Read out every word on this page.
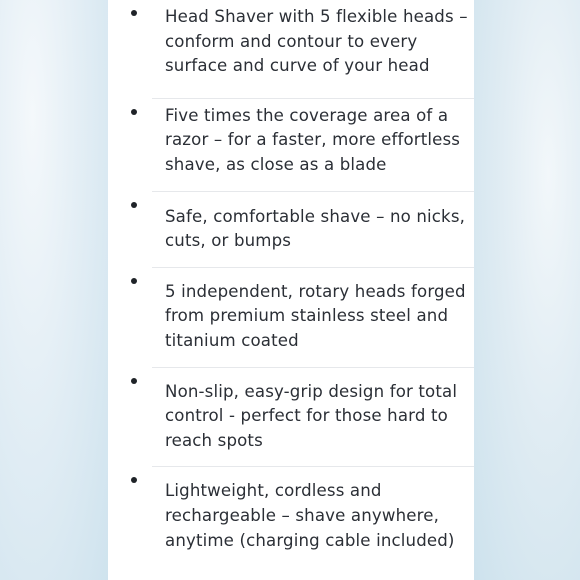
Head Shaver with 5 flexible heads – conform and contour to every surface and curve of your head
Five times the coverage area of a razor – for a faster, more effortless shave, as close as a blade
Safe, comfortable shave – no nicks, cuts, or bumps
5 independent, rotary heads forged from premium stainless steel and titanium coated
Non-slip, easy-grip design for total control - perfect for those hard to reach spots
Lightweight, cordless and rechargeable – shave anywhere, anytime (charging cable included)
